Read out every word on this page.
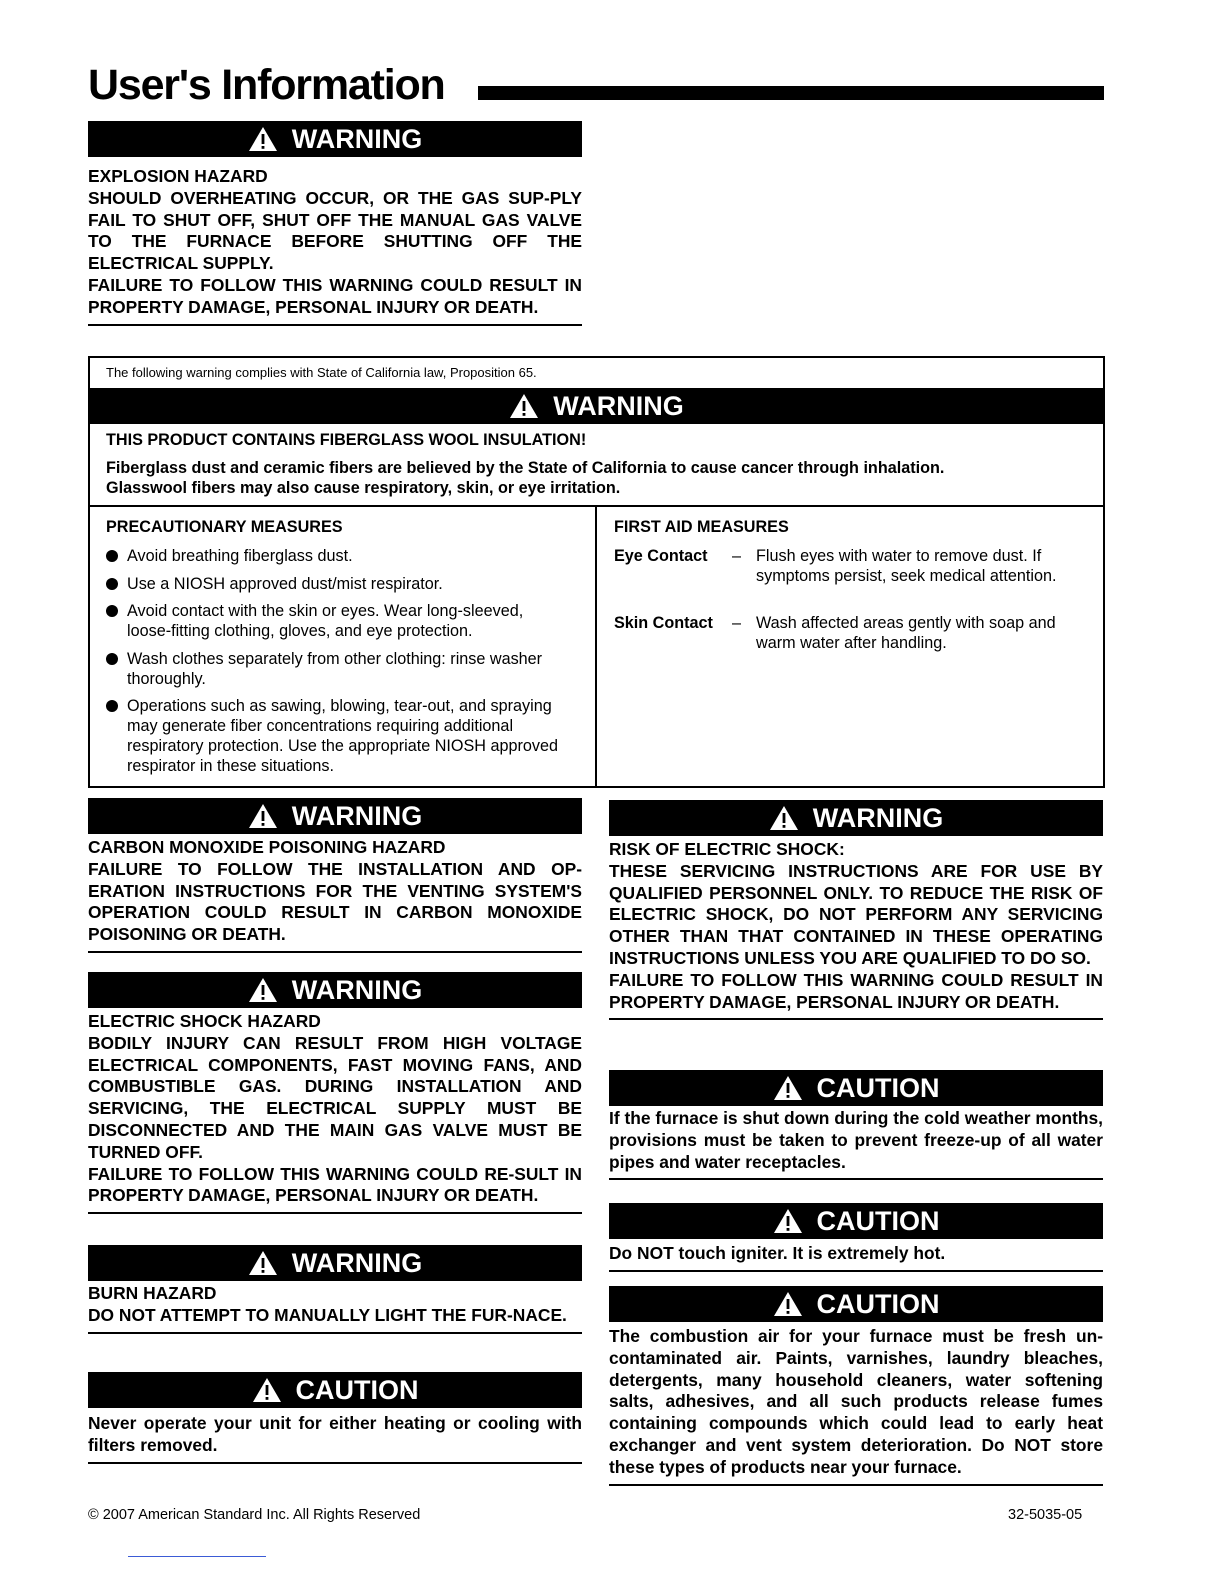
User's Information
WARNING

EXPLOSION HAZARD

SHOULD OVERHEATING OCCUR, OR THE GAS SUP-PLY FAIL TO SHUT OFF, SHUT OFF THE MANUAL GAS VALVE TO THE FURNACE BEFORE SHUTTING OFF THE ELECTRICAL SUPPLY.

FAILURE TO FOLLOW THIS WARNING COULD RESULT IN PROPERTY DAMAGE, PERSONAL INJURY OR DEATH.

The following warning complies with State of California law, Proposition 65.
WARNING
THIS PRODUCT CONTAINS FIBERGLASS WOOL INSULATION!

Fiberglass dust and ceramic fibers are believed by the State of California to cause cancer through inhalation.

Glasswool fibers may also cause respiratory, skin, or eye irritation.

PRECAUTIONARY MEASURES
Avoid breathing fiberglass dust.
Use a NIOSH approved dust/mist respirator.
Avoid contact with the skin or eyes. Wear long-sleeved, loose-fitting clothing, gloves, and eye protection.
Wash clothes separately from other clothing: rinse washer thoroughly.
Operations such as sawing, blowing, tear-out, and spraying may generate fiber concentrations requiring additional respiratory protection. Use the appropriate NIOSH approved respirator in these situations.
FIRST AID MEASURES
Eye Contact – Flush eyes with water to remove dust. If symptoms persist, seek medical attention.
Skin Contact – Wash affected areas gently with soap and warm water after handling.
WARNING

CARBON MONOXIDE POISONING HAZARD

FAILURE TO FOLLOW THE INSTALLATION AND OP-ERATION INSTRUCTIONS FOR THE VENTING SYSTEM'S OPERATION COULD RESULT IN CARBON MONOXIDE POISONING OR DEATH.

WARNING

ELECTRIC SHOCK HAZARD

BODILY INJURY CAN RESULT FROM HIGH VOLTAGE ELECTRICAL COMPONENTS, FAST MOVING FANS, AND COMBUSTIBLE GAS. DURING INSTALLATION AND SERVICING, THE ELECTRICAL SUPPLY MUST BE DISCONNECTED AND THE MAIN GAS VALVE MUST BE TURNED OFF.

FAILURE TO FOLLOW THIS WARNING COULD RE-SULT IN PROPERTY DAMAGE, PERSONAL INJURY OR DEATH.

WARNING

BURN HAZARD

DO NOT ATTEMPT TO MANUALLY LIGHT THE FUR-NACE.

CAUTION

Never operate your unit for either heating or cooling with filters removed.

WARNING

RISK OF ELECTRIC SHOCK:

THESE SERVICING INSTRUCTIONS ARE FOR USE BY QUALIFIED PERSONNEL ONLY. TO REDUCE THE RISK OF ELECTRIC SHOCK, DO NOT PERFORM ANY SERVICING OTHER THAN THAT CONTAINED IN THESE OPERATING INSTRUCTIONS UNLESS YOU ARE QUALIFIED TO DO SO.

FAILURE TO FOLLOW THIS WARNING COULD RESULT IN PROPERTY DAMAGE, PERSONAL INJURY OR DEATH.

CAUTION

If the furnace is shut down during the cold weather months, provisions must be taken to prevent freeze-up of all water pipes and water receptacles.

CAUTION

Do NOT touch igniter. It is extremely hot.

CAUTION

The combustion air for your furnace must be fresh un-contaminated air. Paints, varnishes, laundry bleaches, detergents, many household cleaners, water softening salts, adhesives, and all such products release fumes containing compounds which could lead to early heat exchanger and vent system deterioration. Do NOT store these types of products near your furnace.

© 2007 American Standard Inc. All Rights Reserved	32-5035-05
